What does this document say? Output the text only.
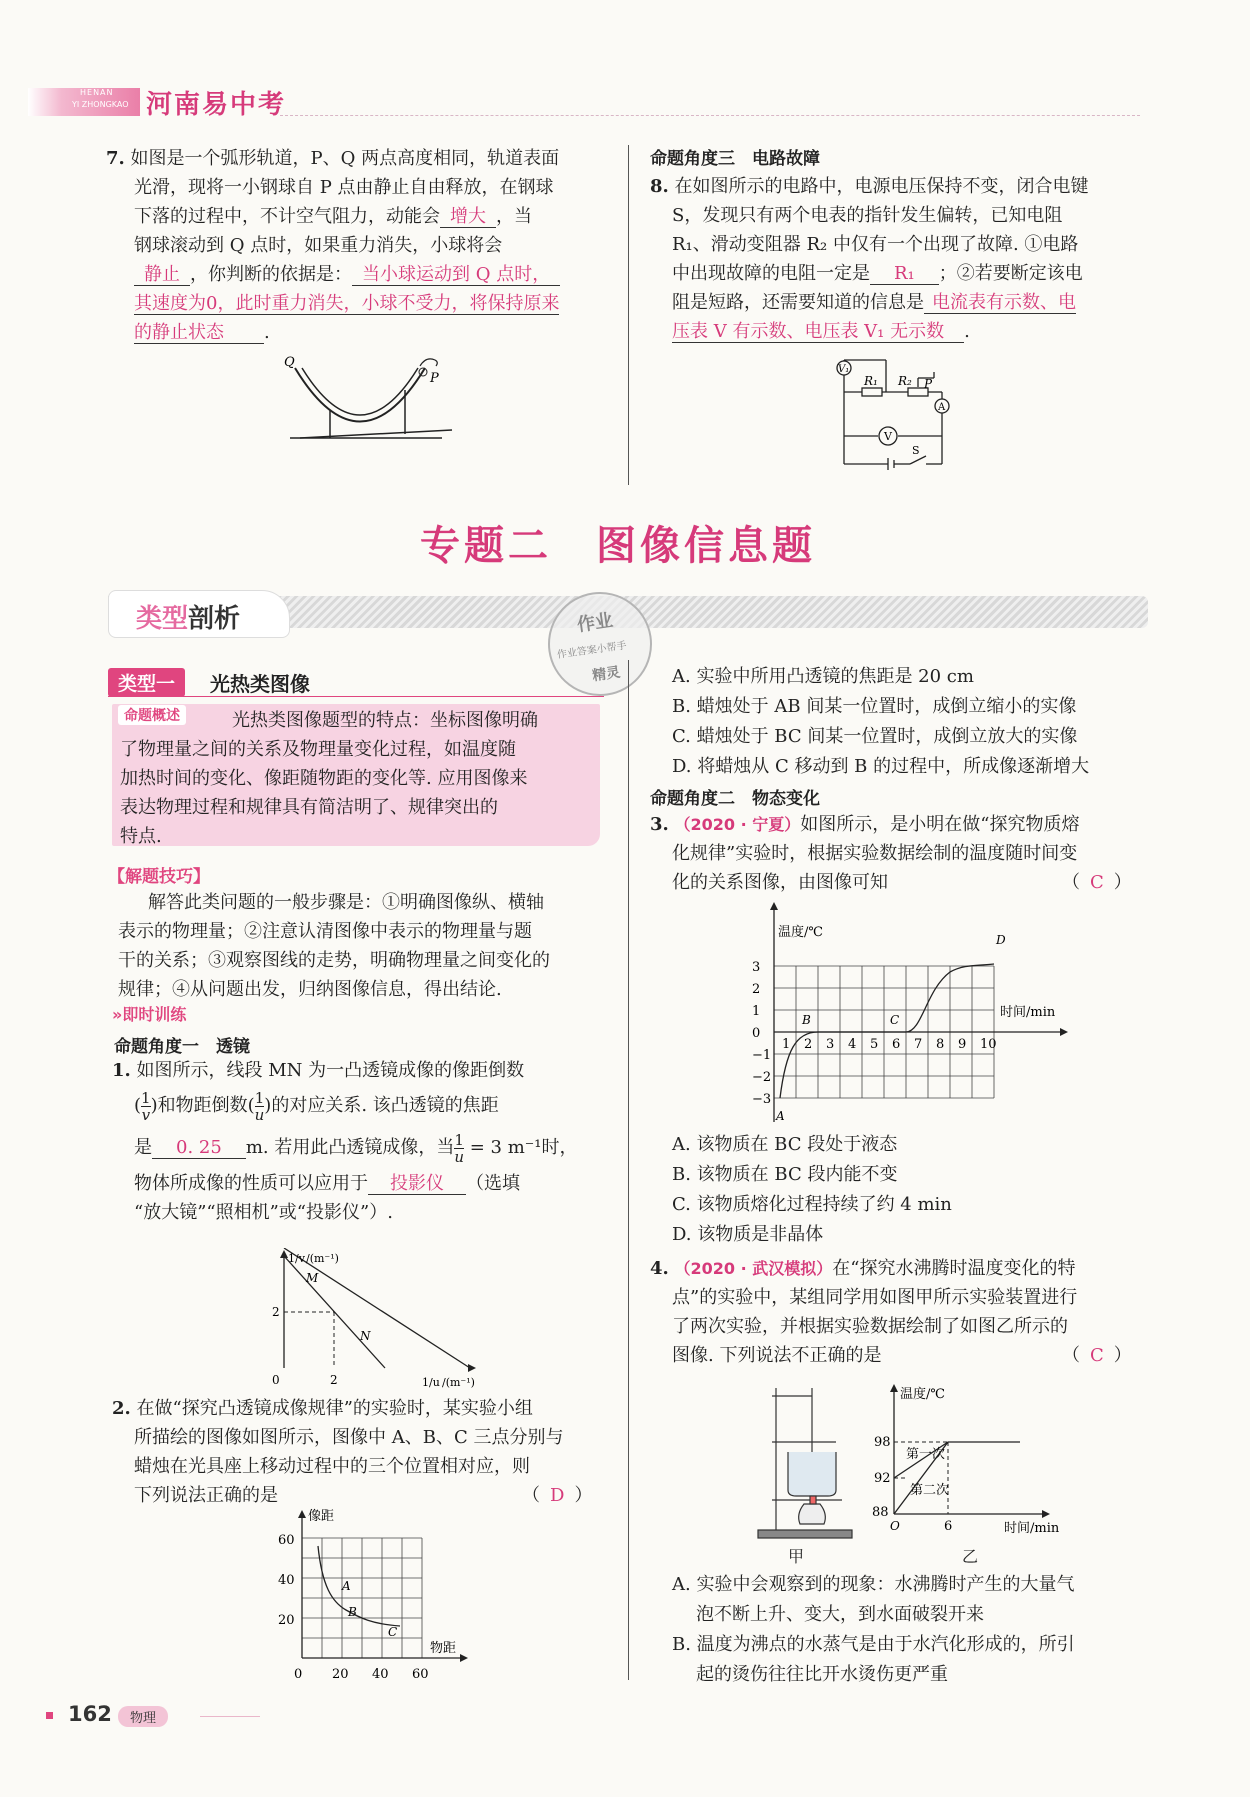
HENAN
YI ZHONGKAO 河南易中考
7. 如图是一个弧形轨道，P、Q 两点高度相同，轨道表面
光滑，现将一小钢球自 P 点由静止自由释放，在钢球
下落的过程中，不计空气阻力，动能会 增大 ，当
钢球滚动到 Q 点时，如果重力消失，小球将会
静止 ，你判断的依据是： 当小球运动到 Q 点时，
其速度为0，此时重力消失，小球不受力，将保持原来
的静止状态 .
Q
P
命题角度三　电路故障
8. 在如图所示的电路中，电源电压保持不变，闭合电键
S，发现只有两个电表的指针发生偏转，已知电阻
R₁、滑动变阻器 R₂ 中仅有一个出现了故障. ①电路
中出现故障的电阻一定是 R₁ ；②若要断定该电
阻是短路，还需要知道的信息是 电流表有示数、电
压表 V 有示数、电压表 V₁ 无示数 .
V₁
R₁ R₂ P
A
V
S
专题二　图像信息题
类型 剖析	作业
作业答案小帮手
精灵
类型一	光热类图像
命题概述	光热类图像题型的特点：坐标图像明确
了物理量之间的关系及物理量变化过程，如温度随
加热时间的变化、像距随物距的变化等. 应用图像来
表达物理过程和规律具有简洁明了、规律突出的
特点.
【解题技巧】
解答此类问题的一般步骤是：①明确图像纵、横轴
表示的物理量；②注意认清图像中表示的物理量与题
干的关系；③观察图线的走势，明确物理量之间变化的
规律；④从问题出发，归纳图像信息，得出结论.
»即时训练
命题角度一　透镜
1. 如图所示，线段 MN 为一凸透镜成像的像距倒数
( $\frac{1}{v}$ )和物距倒数( $\frac{1}{u}$ )的对应关系. 该凸透镜的焦距
是 0. 25 m. 若用此凸透镜成像，当 $\frac{1}{u} = 3$ m⁻¹时，
物体所成像的性质可以应用于 投影仪 （选填
“放大镜”“照相机”或“投影仪”）.
1/v /(m⁻¹)
M
N
2
2
0	1/u /(m⁻¹)
2. 在做“探究凸透镜成像规律”的实验时，某实验小组
所描绘的图像如图所示，图像中 A、B、C 三点分别与
蜡烛在光具座上移动过程中的三个位置相对应，则
下列说法正确的是	（ D ）
像距
物距
60
40
20
0 20 40 60
A
B
C
A. 实验中所用凸透镜的焦距是 20 cm
B. 蜡烛处于 AB 间某一位置时，成倒立缩小的实像
C. 蜡烛处于 BC 间某一位置时，成倒立放大的实像
D. 将蜡烛从 C 移动到 B 的过程中，所成像逐渐增大
命题角度二　物态变化
3. （2020 · 宁夏）如图所示，是小明在做“探究物质熔
化规律”实验时，根据实验数据绘制的温度随时间变
化的关系图像，由图像可知	（ C ）
温度/℃
时间/min
3
2
1
0
−1
−2
−3
1 2 3 4 5 6 7 8 9 10
A
B	C
D
A. 该物质在 BC 段处于液态
B. 该物质在 BC 段内能不变
C. 该物质熔化过程持续了约 4 min
D. 该物质是非晶体
4. （2020 · 武汉模拟）在“探究水沸腾时温度变化的特
点”的实验中，某组同学用如图甲所示实验装置进行
了两次实验，并根据实验数据绘制了如图乙所示的
图像. 下列说法不正确的是	（ C ）
甲
温度/℃
时间/min
98
92
88
O	6
第一次
第二次
乙
A. 实验中会观察到的现象：水沸腾时产生的大量气
泡不断上升、变大，到水面破裂开来
B. 温度为沸点的水蒸气是由于水汽化形成的，所引
起的烫伤往往比开水烫伤更严重
162	物理
